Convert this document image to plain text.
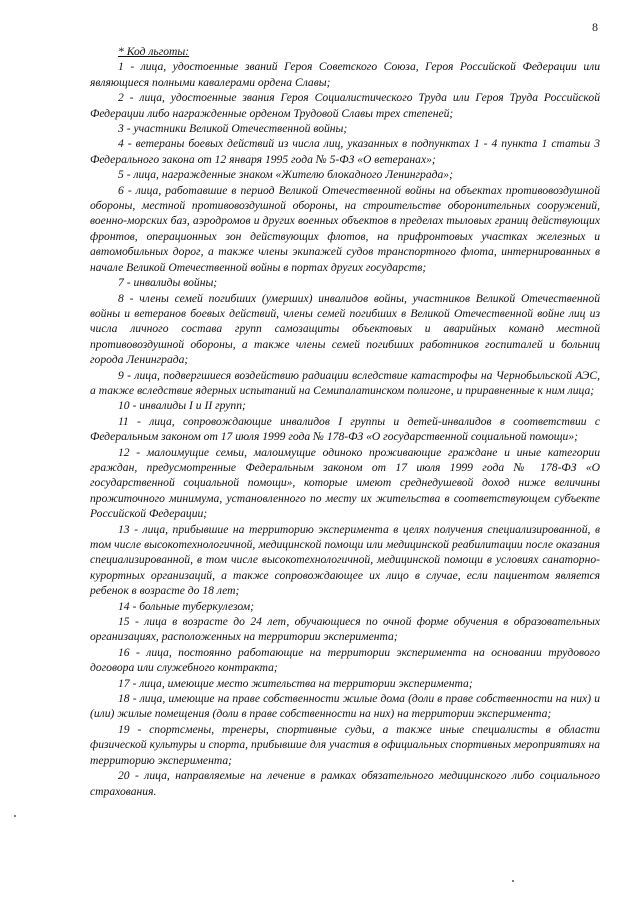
8

* Код льготы:

1 - лица, удостоенные званий Героя Советского Союза, Героя Российской Федерации или являющиеся полными кавалерами ордена Славы;

2 - лица, удостоенные звания Героя Социалистического Труда или Героя Труда Российской Федерации либо награжденные орденом Трудовой Славы трех степеней;

3 - участники Великой Отечественной войны;

4 - ветераны боевых действий из числа лиц, указанных в подпунктах 1 - 4 пункта 1 статьи 3 Федерального закона от 12 января 1995 года № 5-ФЗ «О ветеранах»;

5 - лица, награжденные знаком «Жителю блокадного Ленинграда»;

6 - лица, работавшие в период Великой Отечественной войны на объектах противовоздушной обороны, местной противовоздушной обороны, на строительстве оборонительных сооружений, военно-морских баз, аэродромов и других военных объектов в пределах тыловых границ действующих фронтов, операционных зон действующих флотов, на прифронтовых участках железных и автомобильных дорог, а также члены экипажей судов транспортного флота, интернированных в начале Великой Отечественной войны в портах других государств;

7 - инвалиды войны;

8 - члены семей погибших (умерших) инвалидов войны, участников Великой Отечественной войны и ветеранов боевых действий, члены семей погибших в Великой Отечественной войне лиц из числа личного состава групп самозащиты объектовых и аварийных команд местной противовоздушной обороны, а также члены семей погибших работников госпиталей и больниц города Ленинграда;

9 - лица, подвергшиеся воздействию радиации вследствие катастрофы на Чернобыльской АЭС, а также вследствие ядерных испытаний на Семипалатинском полигоне, и приравненные к ним лица;

10 - инвалиды I и II групп;

11 - лица, сопровождающие инвалидов I группы и детей-инвалидов в соответствии с Федеральным законом от 17 июля 1999 года № 178-ФЗ «О государственной социальной помощи»;

12 - малоимущие семьи, малоимущие одиноко проживающие граждане и иные категории граждан, предусмотренные Федеральным законом от 17 июля 1999 года № 178-ФЗ «О государственной социальной помощи», которые имеют среднедушевой доход ниже величины прожиточного минимума, установленного по месту их жительства в соответствующем субъекте Российской Федерации;

13 - лица, прибывшие на территорию эксперимента в целях получения специализированной, в том числе высокотехнологичной, медицинской помощи или медицинской реабилитации после оказания специализированной, в том числе высокотехнологичной, медицинской помощи в условиях санаторно-курортных организаций, а также сопровождающее их лицо в случае, если пациентом является ребенок в возрасте до 18 лет;

14 - больные туберкулезом;

15 - лица в возрасте до 24 лет, обучающиеся по очной форме обучения в образовательных организациях, расположенных на территории эксперимента;

16 - лица, постоянно работающие на территории эксперимента на основании трудового договора или служебного контракта;

17 - лица, имеющие место жительства на территории эксперимента;

18 - лица, имеющие на праве собственности жилые дома (доли в праве собственности на них) и (или) жилые помещения (доли в праве собственности на них) на территории эксперимента;

19 - спортсмены, тренеры, спортивные судьи, а также иные специалисты в области физической культуры и спорта, прибывшие для участия в официальных спортивных мероприятиях на территорию эксперимента;

20 - лица, направляемые на лечение в рамках обязательного медицинского либо социального страхования.
